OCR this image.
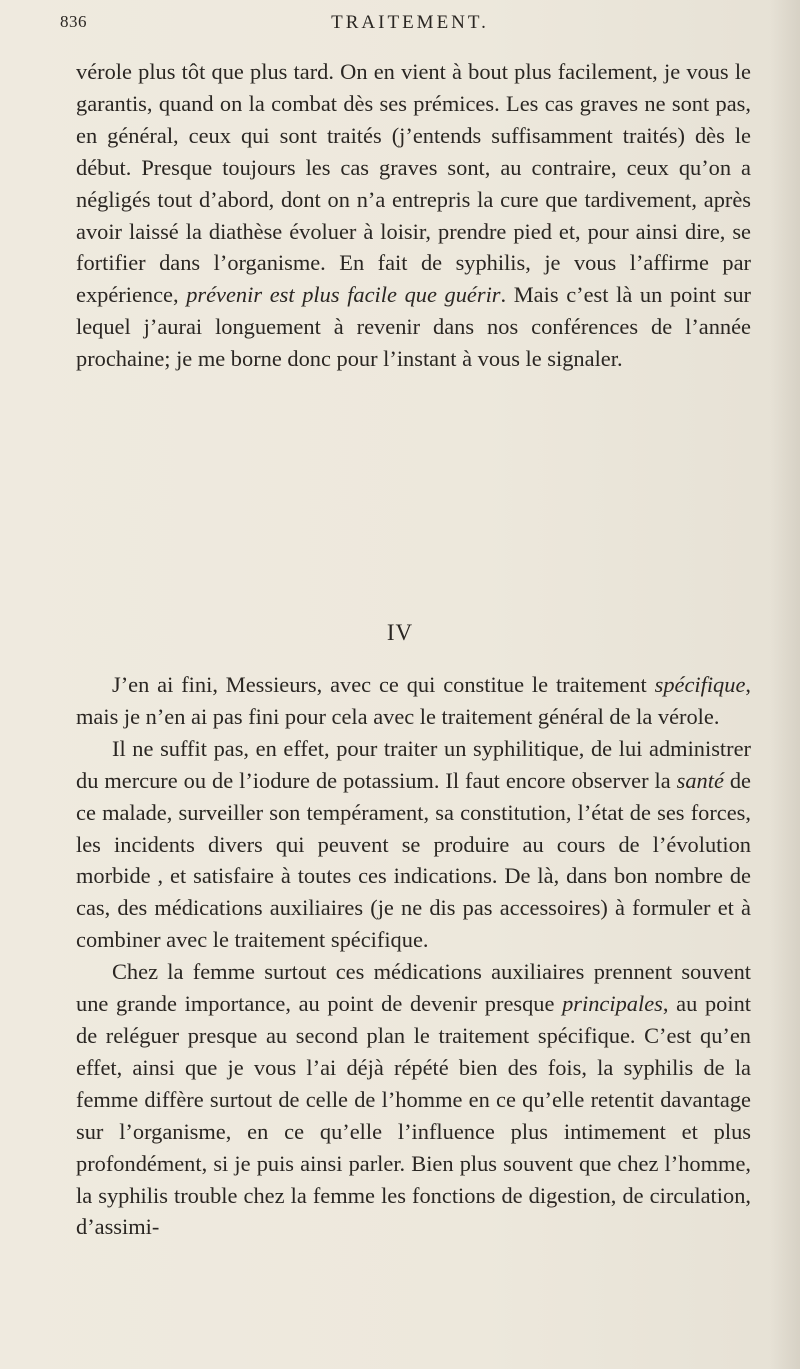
836	TRAITEMENT.

vérole plus tôt que plus tard. On en vient à bout plus facilement, je vous le garantis, quand on la combat dès ses prémices. Les cas graves ne sont pas, en général, ceux qui sont traités (j’entends suffisamment traités) dès le début. Presque toujours les cas graves sont, au contraire, ceux qu’on a négligés tout d’abord, dont on n’a entrepris la cure que tardivement, après avoir laissé la diathèse évoluer à loisir, prendre pied et, pour ainsi dire, se fortifier dans l’organisme. En fait de syphilis, je vous l’affirme par expérience, prévenir est plus facile que guérir. Mais c’est là un point sur lequel j’aurai longuement à revenir dans nos conférences de l’année prochaine; je me borne donc pour l’instant à vous le signaler.

IV

J’en ai fini, Messieurs, avec ce qui constitue le traitement spécifique, mais je n’en ai pas fini pour cela avec le traitement général de la vérole.

Il ne suffit pas, en effet, pour traiter un syphilitique, de lui administrer du mercure ou de l’iodure de potassium. Il faut encore observer la santé de ce malade, surveiller son tempérament, sa constitution, l’état de ses forces, les incidents divers qui peuvent se produire au cours de l’évolution morbide , et satisfaire à toutes ces indications. De là, dans bon nombre de cas, des médications auxiliaires (je ne dis pas accessoires) à formuler et à combiner avec le traitement spécifique.

Chez la femme surtout ces médications auxiliaires prennent souvent une grande importance, au point de devenir presque principales, au point de reléguer presque au second plan le traitement spécifique. C’est qu’en effet, ainsi que je vous l’ai déjà répété bien des fois, la syphilis de la femme diffère surtout de celle de l’homme en ce qu’elle retentit davantage sur l’organisme, en ce qu’elle l’influence plus intimement et plus profondément, si je puis ainsi parler. Bien plus souvent que chez l’homme, la syphilis trouble chez la femme les fonctions de digestion, de circulation, d’assimi-
